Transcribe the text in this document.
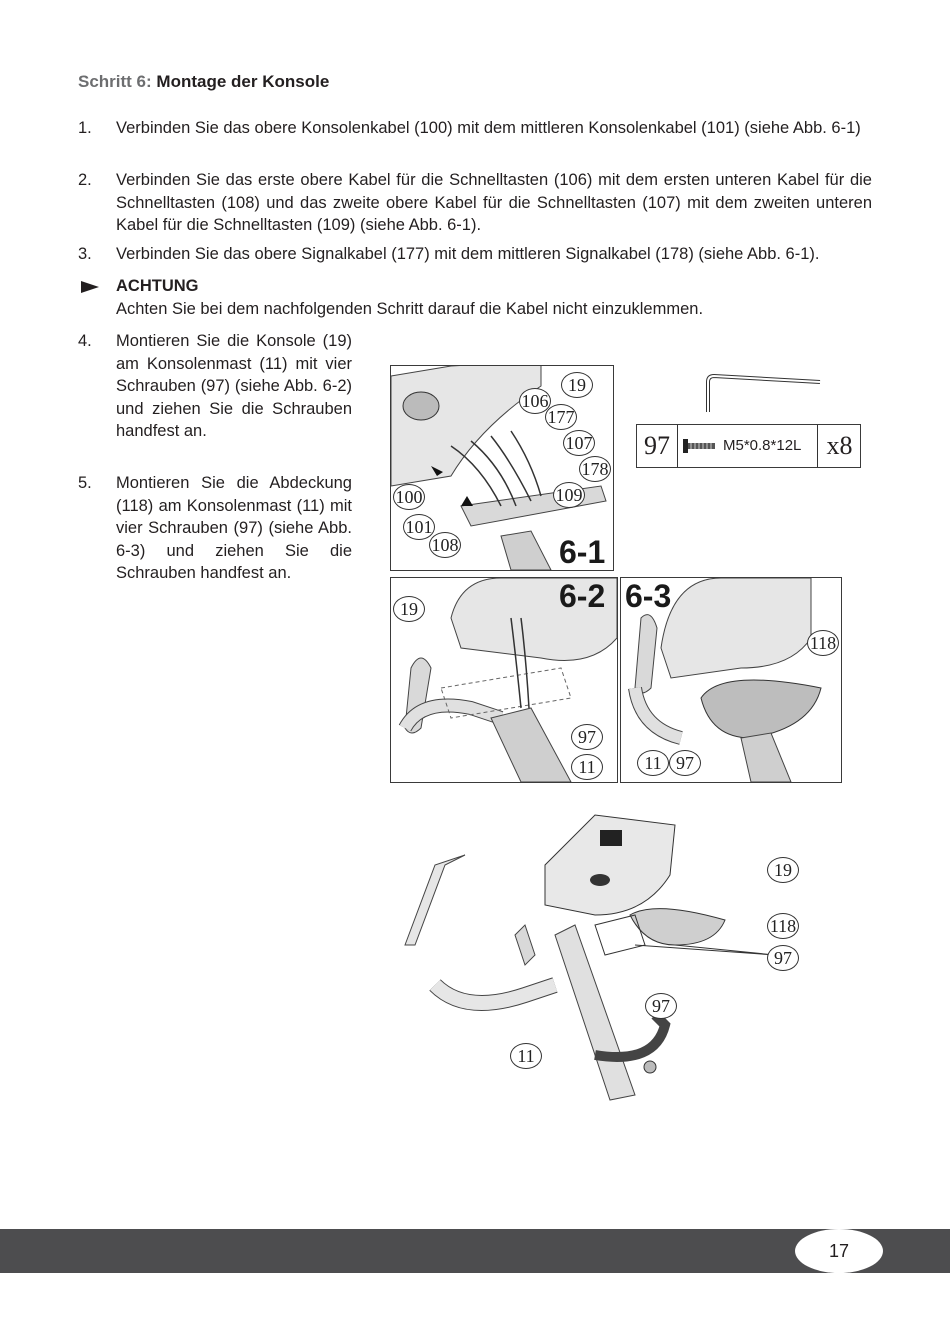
Schritt 6: Montage der Konsole
1. Verbinden Sie das obere Konsolenkabel (100) mit dem mittleren Konsolenkabel (101) (siehe Abb. 6-1)
2. Verbinden Sie das erste obere Kabel für die Schnelltasten (106) mit dem ersten unteren Kabel für die Schnelltasten (108) und das zweite obere Kabel für die Schnelltasten (107) mit dem zweiten unteren Kabel für die Schnelltasten (109) (siehe Abb. 6-1).
3. Verbinden Sie das obere Signalkabel (177) mit dem mittleren Signalkabel (178) (siehe Abb. 6-1).
ACHTUNG
Achten Sie bei dem nachfolgenden Schritt darauf die Kabel nicht einzuklemmen.
4. Montieren Sie die Konsole (19) am Konsolenmast (11) mit vier Schrauben (97) (siehe Abb. 6-2) und ziehen Sie die Schrauben handfest an.
5. Montieren Sie die Abdeckung (118) am Konsolenmast (11) mit vier Schrauben (97) (siehe Abb. 6-3) und ziehen Sie die Schrauben handfest an.
97	M5*0.8*12L x8
19
106
177
107
178
100	109
101
108	6-1
19
97
11
6-2
118
11 97
6-3
19
118
97
97
11
17
